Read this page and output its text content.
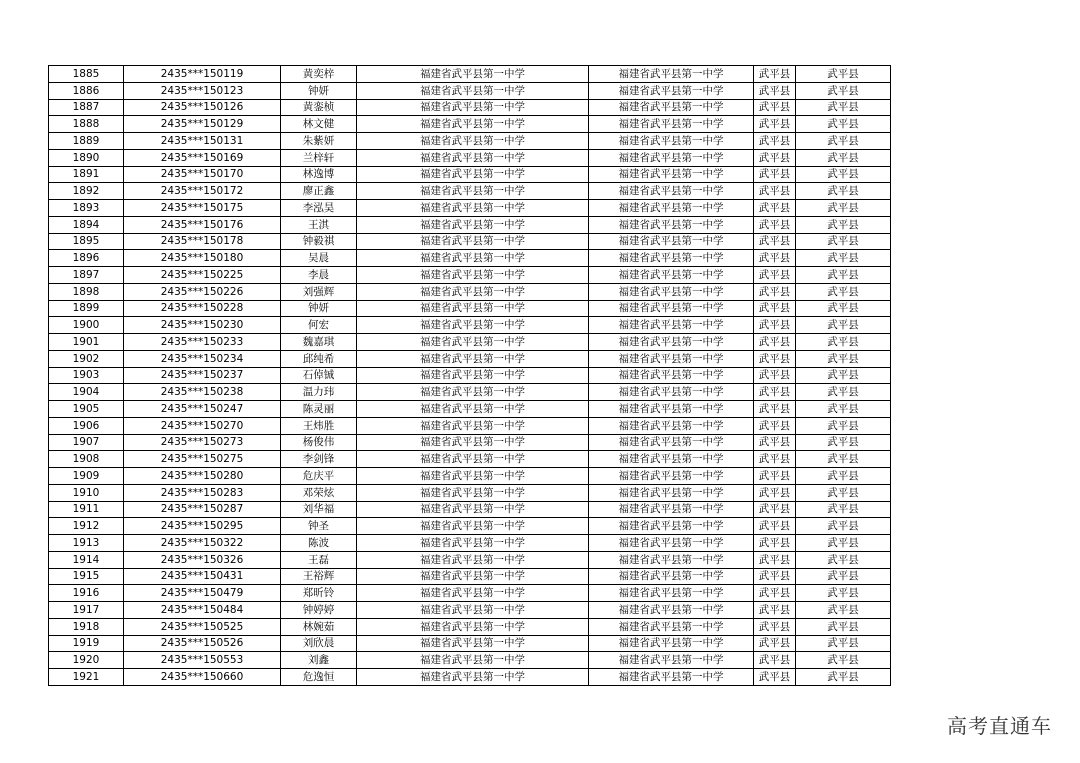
1885	2435***150119	黄奕梓	福建省武平县第一中学	福建省武平县第一中学	武平县	武平县
1886	2435***150123	钟妍	福建省武平县第一中学	福建省武平县第一中学	武平县	武平县
1887	2435***150126	黄銮桢	福建省武平县第一中学	福建省武平县第一中学	武平县	武平县
1888	2435***150129	林文健	福建省武平县第一中学	福建省武平县第一中学	武平县	武平县
1889	2435***150131	朱紫妍	福建省武平县第一中学	福建省武平县第一中学	武平县	武平县
1890	2435***150169	兰梓轩	福建省武平县第一中学	福建省武平县第一中学	武平县	武平县
1891	2435***150170	林逸博	福建省武平县第一中学	福建省武平县第一中学	武平县	武平县
1892	2435***150172	廖正鑫	福建省武平县第一中学	福建省武平县第一中学	武平县	武平县
1893	2435***150175	李泓昊	福建省武平县第一中学	福建省武平县第一中学	武平县	武平县
1894	2435***150176	王淇	福建省武平县第一中学	福建省武平县第一中学	武平县	武平县
1895	2435***150178	钟毅祺	福建省武平县第一中学	福建省武平县第一中学	武平县	武平县
1896	2435***150180	吴晨	福建省武平县第一中学	福建省武平县第一中学	武平县	武平县
1897	2435***150225	李晨	福建省武平县第一中学	福建省武平县第一中学	武平县	武平县
1898	2435***150226	刘强辉	福建省武平县第一中学	福建省武平县第一中学	武平县	武平县
1899	2435***150228	钟妍	福建省武平县第一中学	福建省武平县第一中学	武平县	武平县
1900	2435***150230	何宏	福建省武平县第一中学	福建省武平县第一中学	武平县	武平县
1901	2435***150233	魏嘉琪	福建省武平县第一中学	福建省武平县第一中学	武平县	武平县
1902	2435***150234	邱纯希	福建省武平县第一中学	福建省武平县第一中学	武平县	武平县
1903	2435***150237	石倬铖	福建省武平县第一中学	福建省武平县第一中学	武平县	武平县
1904	2435***150238	温力玮	福建省武平县第一中学	福建省武平县第一中学	武平县	武平县
1905	2435***150247	陈灵丽	福建省武平县第一中学	福建省武平县第一中学	武平县	武平县
1906	2435***150270	王炜胜	福建省武平县第一中学	福建省武平县第一中学	武平县	武平县
1907	2435***150273	杨俊伟	福建省武平县第一中学	福建省武平县第一中学	武平县	武平县
1908	2435***150275	李剑锋	福建省武平县第一中学	福建省武平县第一中学	武平县	武平县
1909	2435***150280	危庆平	福建省武平县第一中学	福建省武平县第一中学	武平县	武平县
1910	2435***150283	邓荣炫	福建省武平县第一中学	福建省武平县第一中学	武平县	武平县
1911	2435***150287	刘华福	福建省武平县第一中学	福建省武平县第一中学	武平县	武平县
1912	2435***150295	钟圣	福建省武平县第一中学	福建省武平县第一中学	武平县	武平县
1913	2435***150322	陈波	福建省武平县第一中学	福建省武平县第一中学	武平县	武平县
1914	2435***150326	王磊	福建省武平县第一中学	福建省武平县第一中学	武平县	武平县
1915	2435***150431	王裕辉	福建省武平县第一中学	福建省武平县第一中学	武平县	武平县
1916	2435***150479	郑昕铃	福建省武平县第一中学	福建省武平县第一中学	武平县	武平县
1917	2435***150484	钟婷婷	福建省武平县第一中学	福建省武平县第一中学	武平县	武平县
1918	2435***150525	林婉茹	福建省武平县第一中学	福建省武平县第一中学	武平县	武平县
1919	2435***150526	刘欣晨	福建省武平县第一中学	福建省武平县第一中学	武平县	武平县
1920	2435***150553	刘鑫	福建省武平县第一中学	福建省武平县第一中学	武平县	武平县
1921	2435***150660	危逸恒	福建省武平县第一中学	福建省武平县第一中学	武平县	武平县
高考直通车
